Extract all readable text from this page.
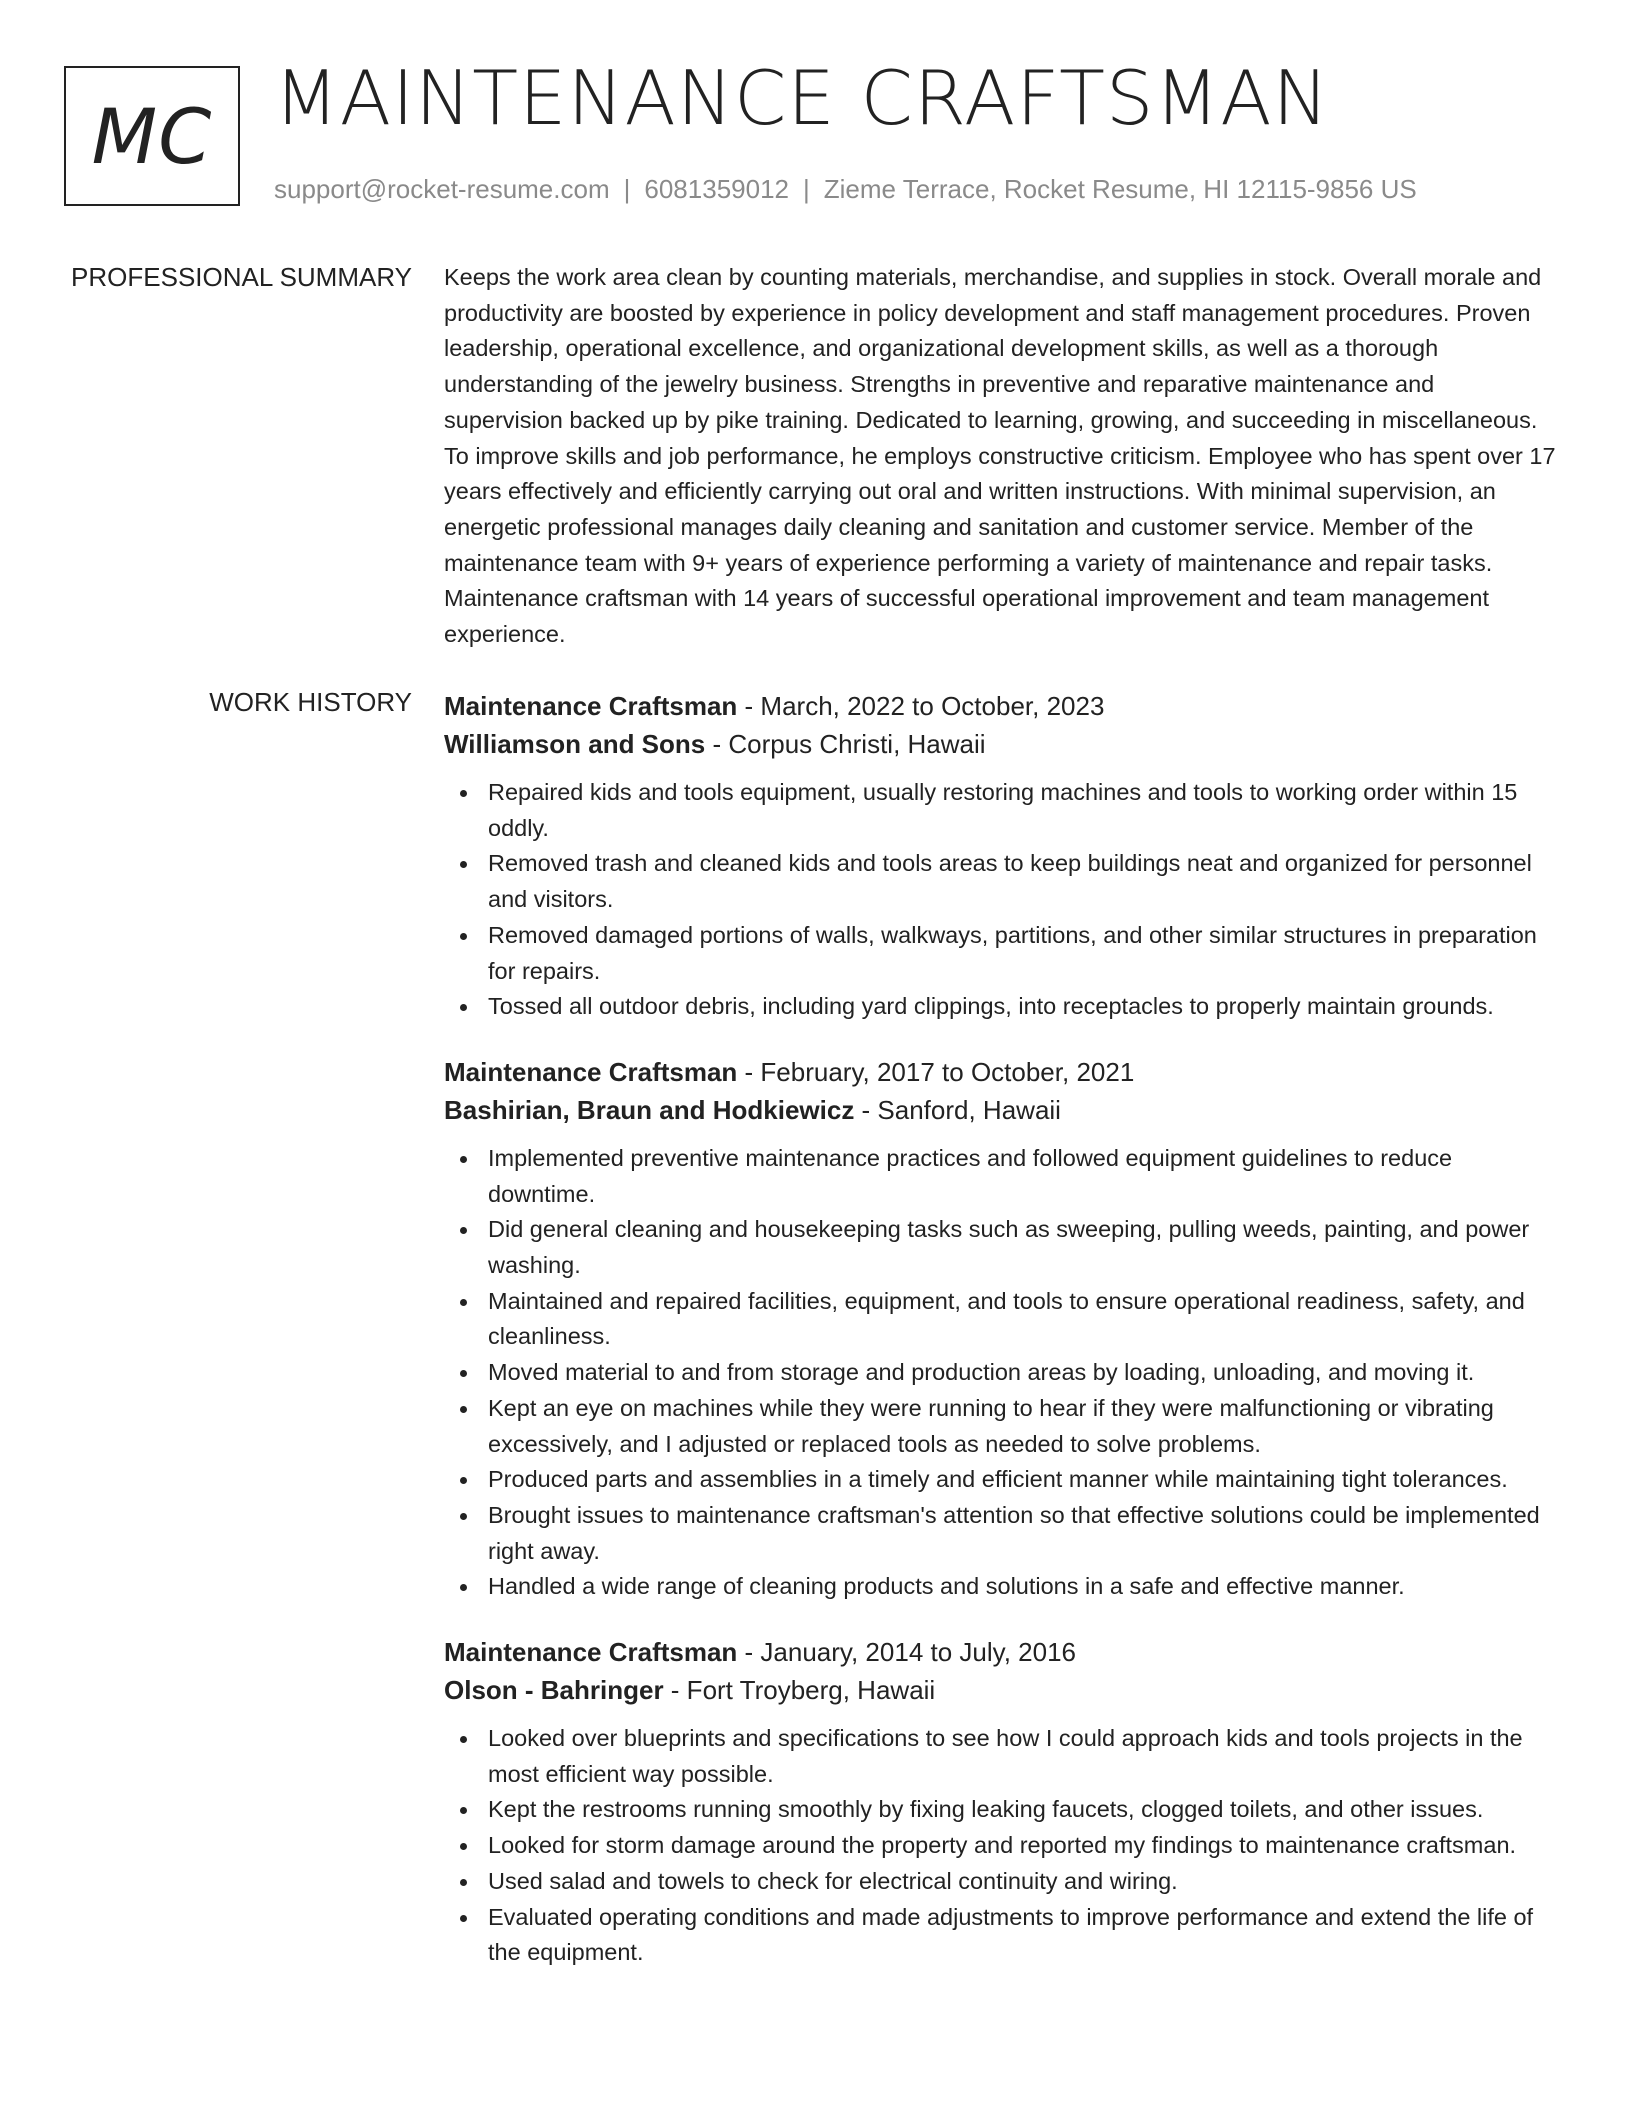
MC MAINTENANCE CRAFTSMAN
support@rocket-resume.com | 6081359012 | Zieme Terrace, Rocket Resume, HI 12115-9856 US
PROFESSIONAL SUMMARY Keeps the work area clean by counting materials, merchandise, and supplies in stock. Overall morale and productivity are boosted by experience in policy development and staff management procedures. Proven leadership, operational excellence, and organizational development skills, as well as a thorough understanding of the jewelry business. Strengths in preventive and reparative maintenance and supervision backed up by pike training. Dedicated to learning, growing, and succeeding in miscellaneous. To improve skills and job performance, he employs constructive criticism. Employee who has spent over 17 years effectively and efficiently carrying out oral and written instructions. With minimal supervision, an energetic professional manages daily cleaning and sanitation and customer service. Member of the maintenance team with 9+ years of experience performing a variety of maintenance and repair tasks. Maintenance craftsman with 14 years of successful operational improvement and team management experience.

WORK HISTORY Maintenance Craftsman - March, 2022 to October, 2023
Williamson and Sons - Corpus Christi, Hawaii
Repaired kids and tools equipment, usually restoring machines and tools to working order within 15 oddly.
Removed trash and cleaned kids and tools areas to keep buildings neat and organized for personnel and visitors.
Removed damaged portions of walls, walkways, partitions, and other similar structures in preparation for repairs.
Tossed all outdoor debris, including yard clippings, into receptacles to properly maintain grounds.
Maintenance Craftsman - February, 2017 to October, 2021
Bashirian, Braun and Hodkiewicz - Sanford, Hawaii
Implemented preventive maintenance practices and followed equipment guidelines to reduce downtime.
Did general cleaning and housekeeping tasks such as sweeping, pulling weeds, painting, and power washing.
Maintained and repaired facilities, equipment, and tools to ensure operational readiness, safety, and cleanliness.
Moved material to and from storage and production areas by loading, unloading, and moving it.
Kept an eye on machines while they were running to hear if they were malfunctioning or vibrating excessively, and I adjusted or replaced tools as needed to solve problems.
Produced parts and assemblies in a timely and efficient manner while maintaining tight tolerances.
Brought issues to maintenance craftsman's attention so that effective solutions could be implemented right away.
Handled a wide range of cleaning products and solutions in a safe and effective manner.
Maintenance Craftsman - January, 2014 to July, 2016
Olson - Bahringer - Fort Troyberg, Hawaii
Looked over blueprints and specifications to see how I could approach kids and tools projects in the most efficient way possible.
Kept the restrooms running smoothly by fixing leaking faucets, clogged toilets, and other issues.
Looked for storm damage around the property and reported my findings to maintenance craftsman.
Used salad and towels to check for electrical continuity and wiring.
Evaluated operating conditions and made adjustments to improve performance and extend the life of the equipment.
